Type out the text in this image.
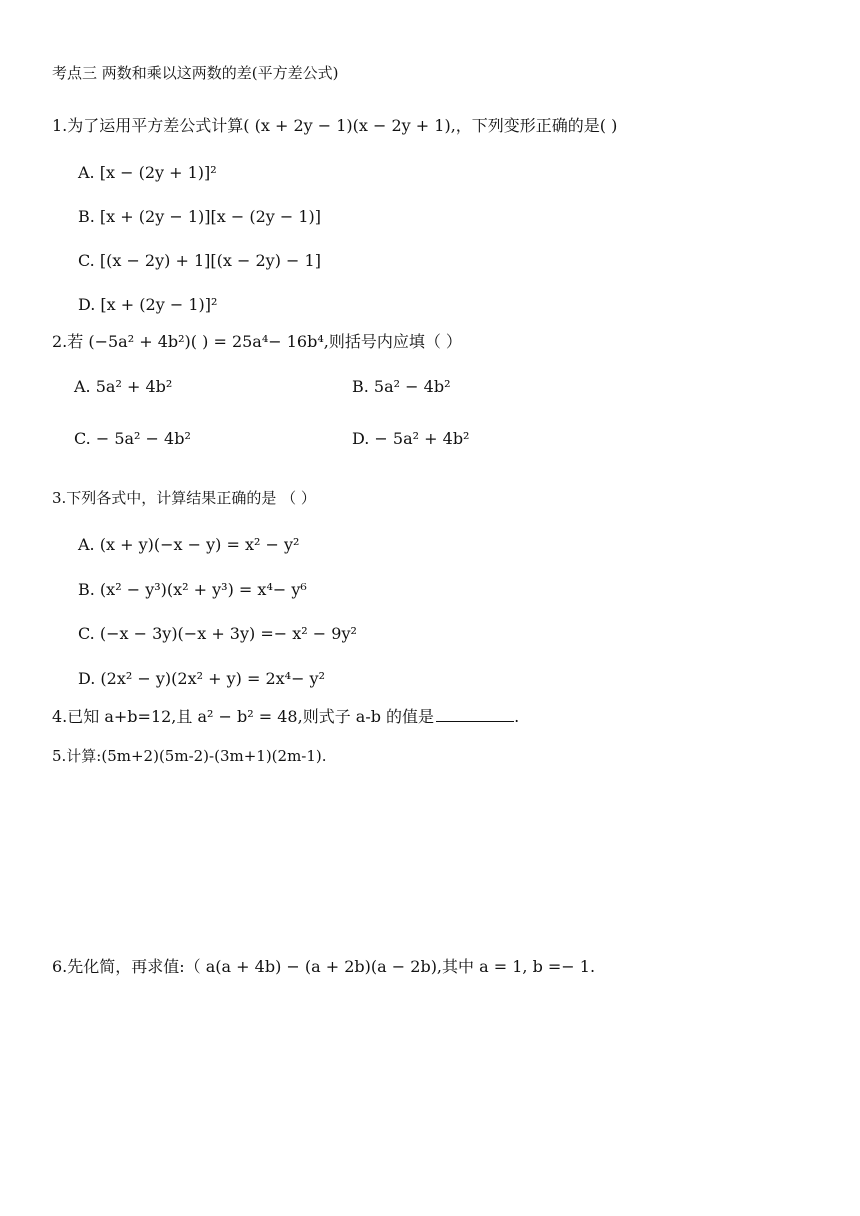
考点三 两数和乘以这两数的差(平方差公式)
1.为了运用平方差公式计算( (x + 2y − 1)(x − 2y + 1),，下列变形正确的是( )
A. [x − (2y + 1)]²
B. [x + (2y − 1)][x − (2y − 1)]
C. [(x − 2y) + 1][(x − 2y) − 1]
D. [x + (2y − 1)]²
2.若 (−5a² + 4b²)( ) = 25a⁴− 16b⁴,则括号内应填（ ）
A. 5a² + 4b²	B. 5a² − 4b²
C. − 5a² − 4b²	D. − 5a² + 4b²
3.下列各式中，计算结果正确的是 （ ）
A. (x + y)(−x − y) = x² − y²
B. (x² − y³)(x² + y³) = x⁴− y⁶
C. (−x − 3y)(−x + 3y) =− x² − 9y²
D. (2x² − y)(2x² + y) = 2x⁴− y²
4.已知 a+b=12,且 a² − b² = 48,则式子 a-b 的值是	.
5.计算:(5m+2)(5m-2)-(3m+1)(2m-1).
6.先化简，再求值:（ a(a + 4b) − (a + 2b)(a − 2b),其中 a = 1, b =− 1.
